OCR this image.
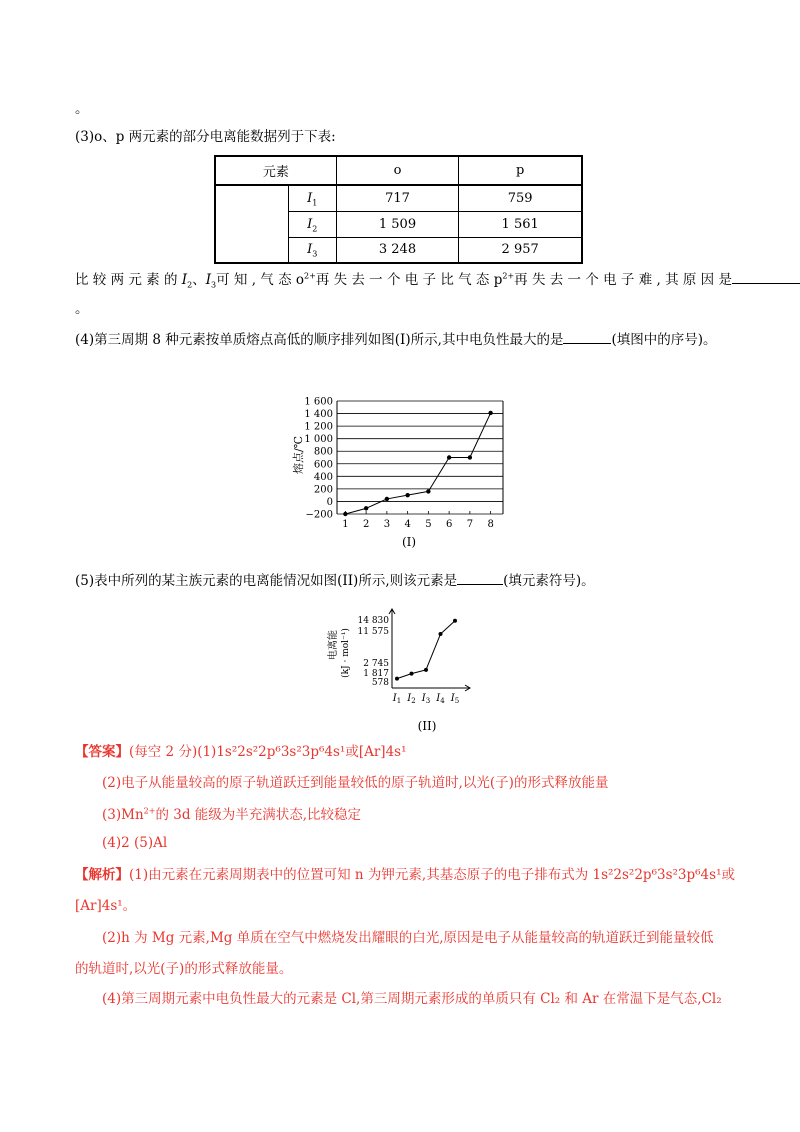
。
(3)o、p 两元素的部分电离能数据列于下表:
元素		o	p
	$I_1$	717	759
	$I_2$	1 509	1 561
	$I_3$	3 248	2 957
比 较 两 元 素 的 $I_2$、$I_3$可 知 , 气 态 $o^{2+}$再 失 去 一 个 电 子 比 气 态 $p^{2+}$再 失 去 一 个 电 子 难 , 其 原 因 是
。
(4)第三周期 8 种元素按单质熔点高低的顺序排列如图(I)所示,其中电负性最大的是	(填图中的序号)。
−200
0
200
400
600
800
1 000
1 200
1 400
1 600
1 2 3 4 5 6 7 8
熔点/℃
(I)
(5)表中所列的某主族元素的电离能情况如图(II)所示,则该元素是	(填元素符号)。
578
1 817
2 745
11 575
14 830
$I_1$ $I_2$ $I_3$ $I_4$ $I_5$
电离能 (kJ · mol⁻¹)
(II)
【答案】(每空 2 分)(1)1s²2s²2p⁶3s²3p⁶4s¹或[Ar]4s¹
(2)电子从能量较高的原子轨道跃迁到能量较低的原子轨道时,以光(子)的形式释放能量
$(3)Mn^{2+}$的 3d 能级为半充满状态,比较稳定
(4)2 (5)Al
【解析】(1)由元素在元素周期表中的位置可知 n 为钾元素,其基态原子的电子排布式为 1s²2s²2p⁶3s²3p⁶4s¹或
[Ar]4s¹。
(2)h 为 Mg 元素,Mg 单质在空气中燃烧发出耀眼的白光,原因是电子从能量较高的轨道跃迁到能量较低
的轨道时,以光(子)的形式释放能量。
(4)第三周期元素中电负性最大的元素是 Cl,第三周期元素形成的单质只有 Cl₂ 和 Ar 在常温下是气态,Cl₂
